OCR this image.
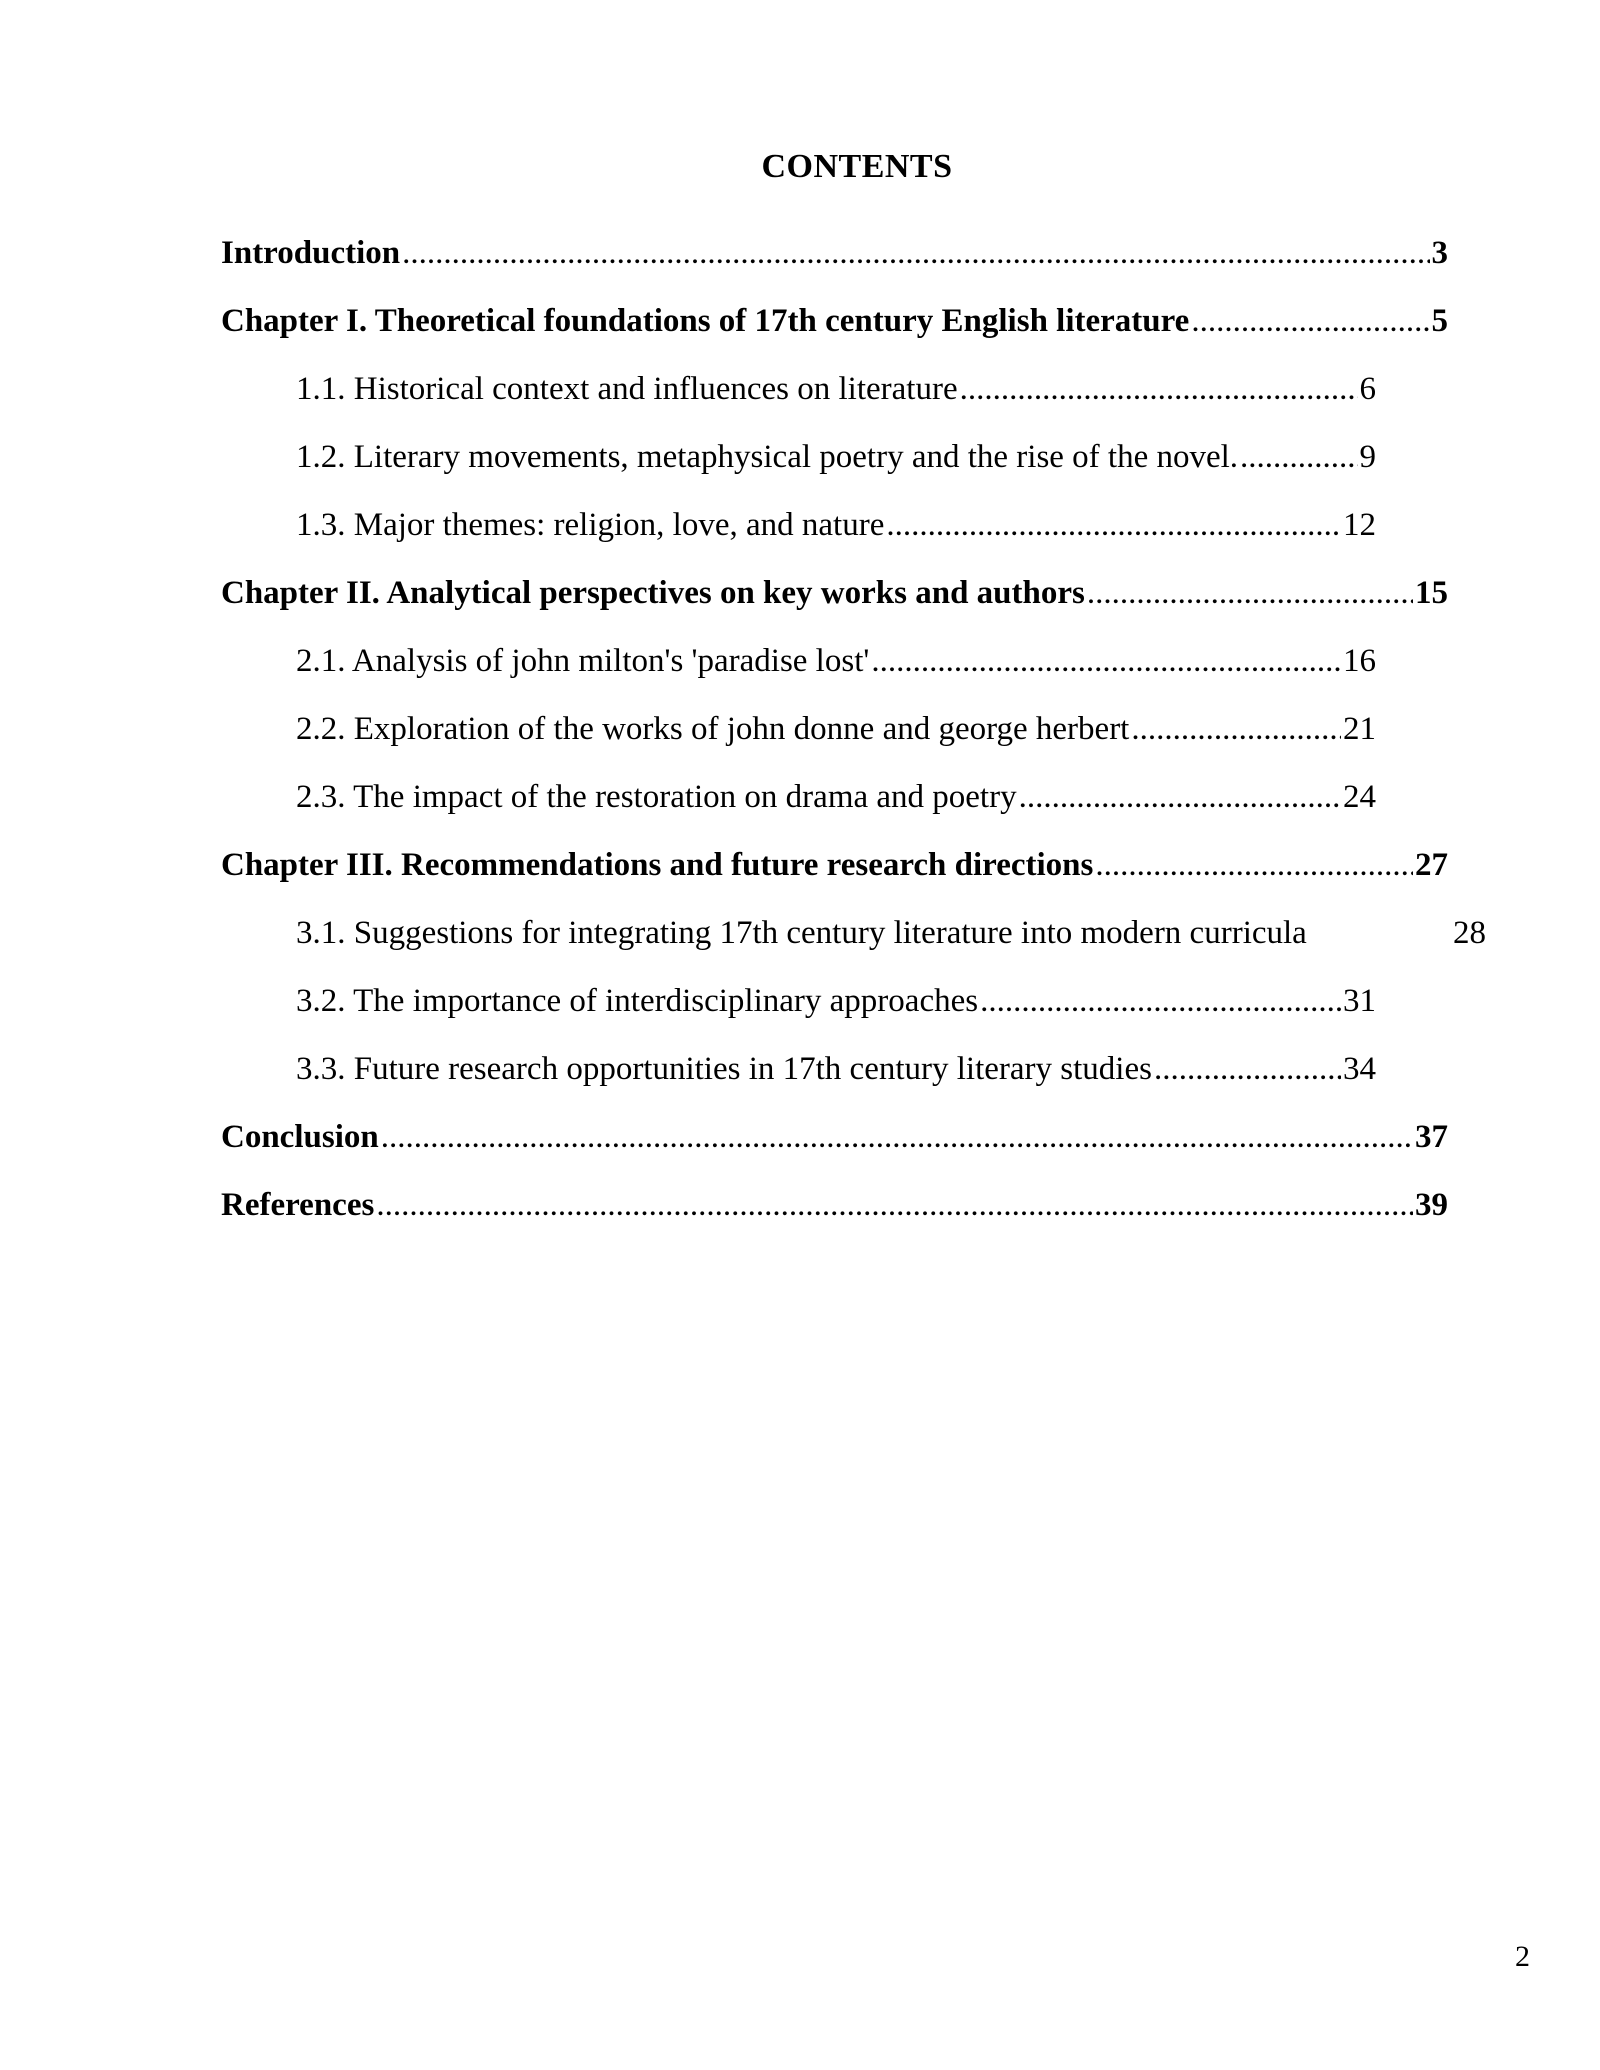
CONTENTS
Introduction .....	3
Chapter I. Theoretical foundations of 17th century English literature .....	5
1.1. Historical context and influences on literature .....	6
1.2. Literary movements, metaphysical poetry and the rise of the novel. .....	9
1.3. Major themes: religion, love, and nature .....	12
Chapter II. Analytical perspectives on key works and authors .....	15
2.1. Analysis of john milton's 'paradise lost' .....	16
2.2. Exploration of the works of john donne and george herbert .....	21
2.3. The impact of the restoration on drama and poetry .....	24
Chapter III. Recommendations and future research directions .....	27
3.1. Suggestions for integrating 17th century literature into modern curricula	28
3.2. The importance of interdisciplinary approaches .....	31
3.3. Future research opportunities in 17th century literary studies .....	34
Conclusion .....	37
References .....	39
2
